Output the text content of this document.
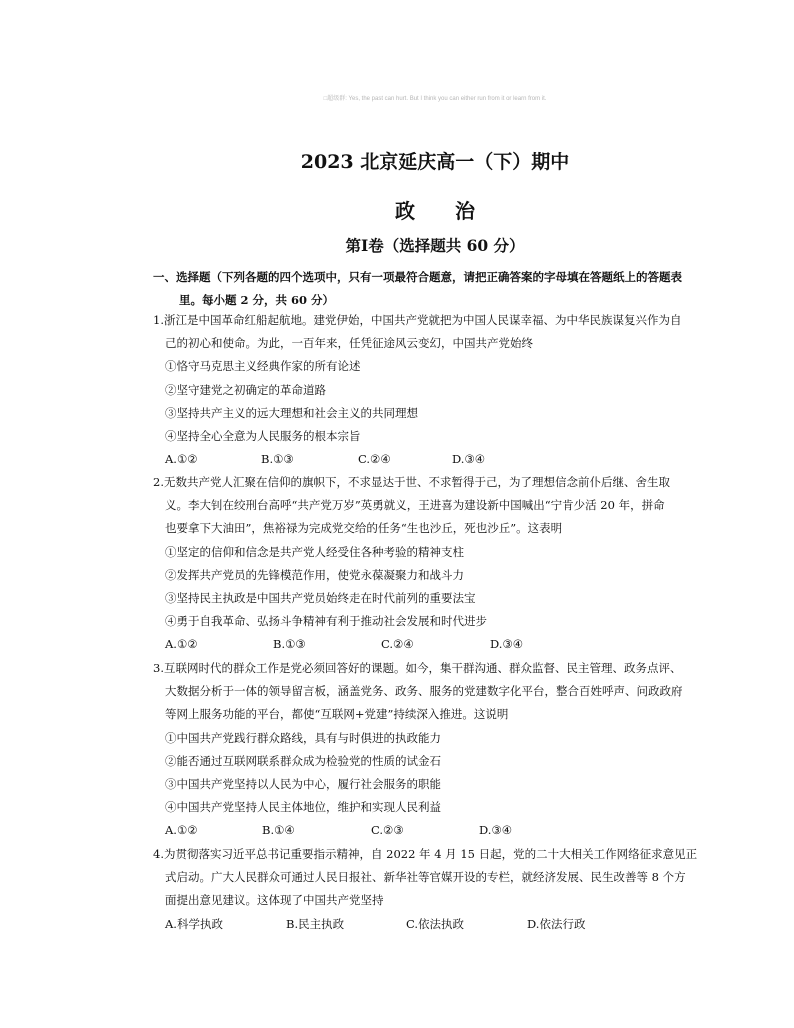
□超级群: Yes, the past can hurt. But I think you can either run from it or learn from it.
2023 北京延庆高一（下）期中
政　　治
第Ⅰ卷（选择题共 60 分）
一、选择题（下列各题的四个选项中，只有一项最符合题意，请把正确答案的字母填在答题纸上的答题表
里。每小题 2 分，共 60 分）
1.浙江是中国革命红船起航地。建党伊始，中国共产党就把为中国人民谋幸福、为中华民族谋复兴作为自
己的初心和使命。为此，一百年来，任凭征途风云变幻，中国共产党始终
①恪守马克思主义经典作家的所有论述
②坚守建党之初确定的革命道路
③坚持共产主义的远大理想和社会主义的共同理想
④坚持全心全意为人民服务的根本宗旨
A.①②	B.①③	C.②④	D.③④
2.无数共产党人汇聚在信仰的旗帜下，不求显达于世、不求暂得于己，为了理想信念前仆后继、舍生取
义。李大钊在绞刑台高呼“共产党万岁”英勇就义，王进喜为建设新中国喊出“宁肯少活 20 年，拼命
也要拿下大油田”，焦裕禄为完成党交给的任务“生也沙丘，死也沙丘”。这表明
①坚定的信仰和信念是共产党人经受住各种考验的精神支柱
②发挥共产党员的先锋模范作用，使党永葆凝聚力和战斗力
③坚持民主执政是中国共产党员始终走在时代前列的重要法宝
④勇于自我革命、弘扬斗争精神有利于推动社会发展和时代进步
A.①②	B.①③	C.②④	D.③④
3.互联网时代的群众工作是党必须回答好的课题。如今，集干群沟通、群众监督、民主管理、政务点评、
大数据分析于一体的领导留言板，涵盖党务、政务、服务的党建数字化平台，整合百姓呼声、问政政府
等网上服务功能的平台，都使“互联网+党建”持续深入推进。这说明
①中国共产党践行群众路线，具有与时俱进的执政能力
②能否通过互联网联系群众成为检验党的性质的试金石
③中国共产党坚持以人民为中心，履行社会服务的职能
④中国共产党坚持人民主体地位，维护和实现人民利益
A.①②	B.①④	C.②③	D.③④
4.为贯彻落实习近平总书记重要指示精神，自 2022 年 4 月 15 日起，党的二十大相关工作网络征求意见正
式启动。广大人民群众可通过人民日报社、新华社等官媒开设的专栏，就经济发展、民生改善等 8 个方
面提出意见建议。这体现了中国共产党坚持
A.科学执政	B.民主执政	C.依法执政	D.依法行政
